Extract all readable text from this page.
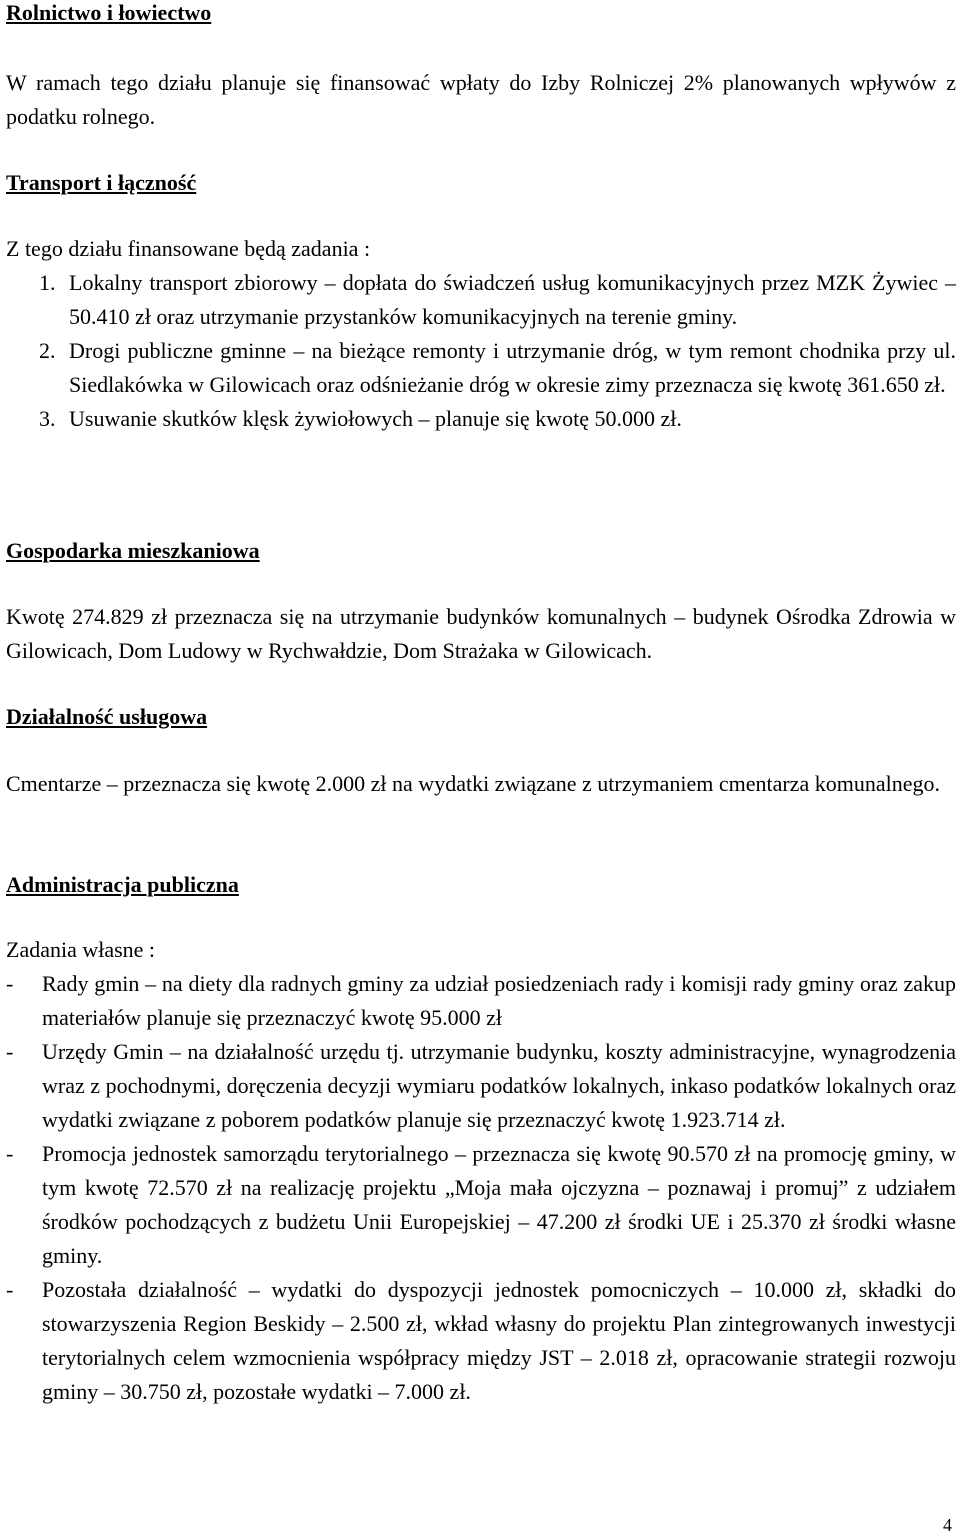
Rolnictwo i łowiectwo

W ramach tego działu planuje się finansować wpłaty do Izby Rolniczej 2% planowanych wpływów z podatku rolnego.

Transport i łączność

Z tego działu finansowane będą zadania :

1. Lokalny transport zbiorowy – dopłata do świadczeń usług komunikacyjnych przez MZK Żywiec – 50.410 zł oraz utrzymanie przystanków komunikacyjnych na terenie gminy.
2. Drogi publiczne gminne – na bieżące remonty i utrzymanie dróg, w tym remont chodnika przy ul. Siedlakówka w Gilowicach oraz odśnieżanie dróg w okresie zimy przeznacza się kwotę 361.650 zł.
3. Usuwanie skutków klęsk żywiołowych – planuje się kwotę 50.000 zł.
Gospodarka mieszkaniowa

Kwotę 274.829 zł przeznacza się na utrzymanie budynków komunalnych – budynek Ośrodka Zdrowia w Gilowicach, Dom Ludowy w Rychwałdzie, Dom Strażaka w Gilowicach.

Działalność usługowa

Cmentarze – przeznacza się kwotę 2.000 zł na wydatki związane z utrzymaniem cmentarza komunalnego.

Administracja publiczna

Zadania własne :

- Rady gmin – na diety dla radnych gminy za udział posiedzeniach rady i komisji rady gminy oraz zakup materiałów planuje się przeznaczyć kwotę 95.000 zł
- Urzędy Gmin – na działalność urzędu tj. utrzymanie budynku, koszty administracyjne, wynagrodzenia wraz z pochodnymi, doręczenia decyzji wymiaru podatków lokalnych, inkaso podatków lokalnych oraz wydatki związane z poborem podatków planuje się przeznaczyć kwotę 1.923.714 zł.
- Promocja jednostek samorządu terytorialnego – przeznacza się kwotę 90.570 zł na promocję gminy, w tym kwotę 72.570 zł na realizację projektu „Moja mała ojczyzna – poznawaj i promuj” z udziałem środków pochodzących z budżetu Unii Europejskiej – 47.200 zł środki UE i 25.370 zł środki własne gminy.
- Pozostała działalność – wydatki do dyspozycji jednostek pomocniczych – 10.000 zł, składki do stowarzyszenia Region Beskidy – 2.500 zł, wkład własny do projektu Plan zintegrowanych inwestycji terytorialnych celem wzmocnienia współpracy między JST – 2.018 zł, opracowanie strategii rozwoju gminy – 30.750 zł, pozostałe wydatki – 7.000 zł.
4
